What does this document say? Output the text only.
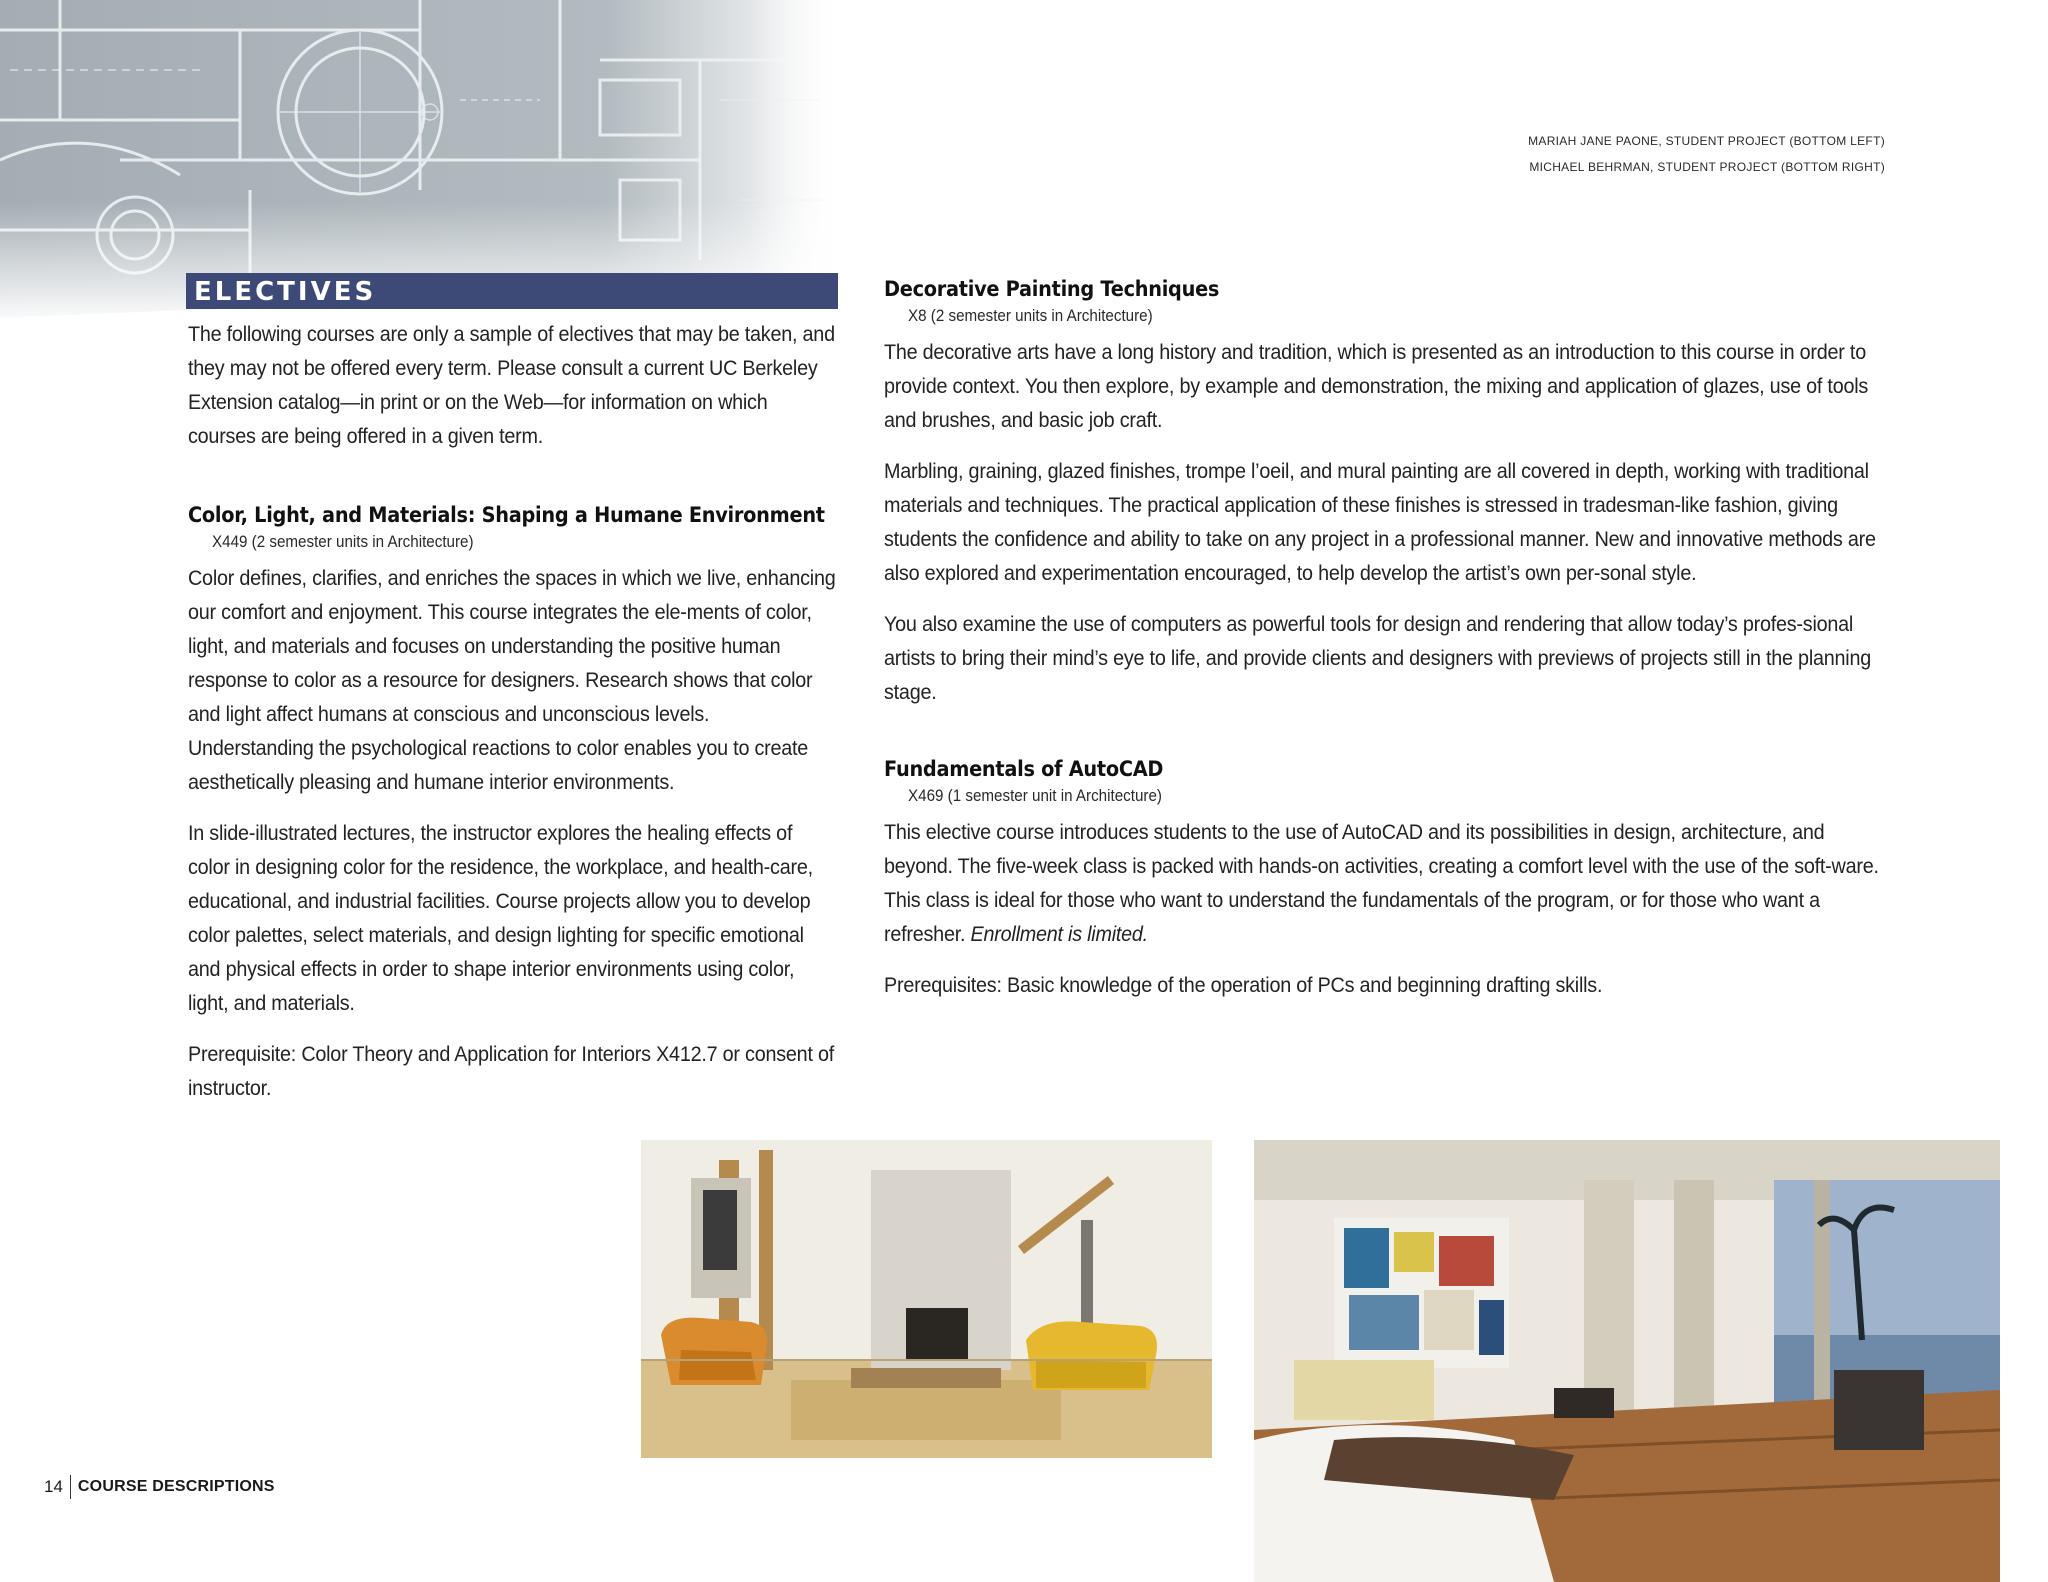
MARIAH JANE PAONE, STUDENT PROJECT (BOTTOM LEFT)
MICHAEL BEHRMAN, STUDENT PROJECT (BOTTOM RIGHT)
ELECTIVES

The following courses are only a sample of electives that may be taken, and they may not be offered every term. Please consult a current UC Berkeley Extension catalog—in print or on the Web—for information on which courses are being offered in a given term.

Color, Light, and Materials: Shaping a Humane Environment
X449 (2 semester units in Architecture)

Color defines, clarifies, and enriches the spaces in which we live, enhancing our comfort and enjoyment. This course integrates the ele-ments of color, light, and materials and focuses on understanding the positive human response to color as a resource for designers. Research shows that color and light affect humans at conscious and unconscious levels. Understanding the psychological reactions to color enables you to create aesthetically pleasing and humane interior environments.

In slide-illustrated lectures, the instructor explores the healing effects of color in designing color for the residence, the workplace, and health-care, educational, and industrial facilities. Course projects allow you to develop color palettes, select materials, and design lighting for specific emotional and physical effects in order to shape interior environments using color, light, and materials.

Prerequisite: Color Theory and Application for Interiors X412.7 or consent of instructor.

Decorative Painting Techniques
X8 (2 semester units in Architecture)

The decorative arts have a long history and tradition, which is presented as an introduction to this course in order to provide context. You then explore, by example and demonstration, the mixing and application of glazes, use of tools and brushes, and basic job craft.

Marbling, graining, glazed finishes, trompe l’oeil, and mural painting are all covered in depth, working with traditional materials and techniques. The practical application of these finishes is stressed in tradesman-like fashion, giving students the confidence and ability to take on any project in a professional manner. New and innovative methods are also explored and experimentation encouraged, to help develop the artist’s own per-sonal style.

You also examine the use of computers as powerful tools for design and rendering that allow today’s profes-sional artists to bring their mind’s eye to life, and provide clients and designers with previews of projects still in the planning stage.

Fundamentals of AutoCAD
X469 (1 semester unit in Architecture)

This elective course introduces students to the use of AutoCAD and its possibilities in design, architecture, and beyond. The five-week class is packed with hands-on activities, creating a comfort level with the use of the soft-ware. This class is ideal for those who want to understand the fundamentals of the program, or for those who want a refresher. Enrollment is limited.

Prerequisites: Basic knowledge of the operation of PCs and beginning drafting skills.

14 COURSE DESCRIPTIONS
